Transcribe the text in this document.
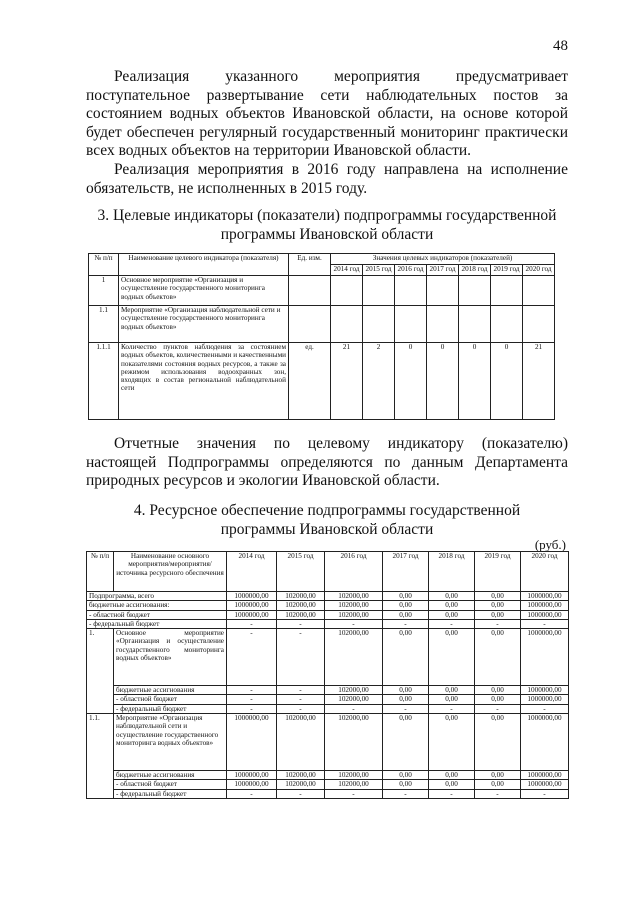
48

Реализация указанного мероприятия предусматривает поступательное развертывание сети наблюдательных постов за состоянием водных объектов Ивановской области, на основе которой будет обеспечен регулярный государственный мониторинг практически всех водных объектов на территории Ивановской области.

Реализация мероприятия в 2016 году направлена на исполнение обязательств, не исполненных в 2015 году.

3. Целевые индикаторы (показатели) подпрограммы государственной
программы Ивановской области
№ п/п	Наименование целевого индикатора (показателя)	Ед. изм.	Значения целевых индикаторов (показателей)						
			2014 год	2015 год	2016 год	2017 год	2018 год	2019 год	2020 год
1	Основное мероприятие «Организация и осуществление государственного мониторинга водных объектов»								
1.1	Мероприятие «Организация наблюдательной сети и осуществление государственного мониторинга водных объектов»								
1.1.1	Количество пунктов наблюдения за состоянием водных объектов, количественными и качественными показателями состояния водных ресурсов, а также за режимом использования водоохранных зон, входящих в состав региональной наблюдательной сети	ед.	21	2	0	0	0	0	21

Отчетные значения по целевому индикатору (показателю) настоящей Подпрограммы определяются по данным Департамента природных ресурсов и экологии Ивановской области.

4. Ресурсное обеспечение подпрограммы государственной
программы Ивановской области
(руб.)
№ п/п	Наименование основного мероприятия/мероприятия/ источника ресурсного обеспечения	2014 год	2015 год	2016 год	2017 год	2018 год	2019 год	2020 год
Подпрограмма, всего		1000000,00	102000,00	102000,00	0,00	0,00	0,00	1000000,00
бюджетные ассигнования:		1000000,00	102000,00	102000,00	0,00	0,00	0,00	1000000,00
- областной бюджет		1000000,00	102000,00	102000,00	0,00	0,00	0,00	1000000,00
- федеральный бюджет		-	-	-	-	-	-	-
1.	Основное мероприятие «Организация и осуществление государственного мониторинга водных объектов»	-	-	102000,00	0,00	0,00	0,00	1000000,00
	бюджетные ассигнования	-	-	102000,00	0,00	0,00	0,00	1000000,00
	- областной бюджет	-	-	102000,00	0,00	0,00	0,00	1000000,00
	- федеральный бюджет	-	-	-	-	-	-	-
1.1.	Мероприятие «Организация наблюдательной сети и осуществление государственного мониторинга водных объектов»	1000000,00	102000,00	102000,00	0,00	0,00	0,00	1000000,00
	бюджетные ассигнования	1000000,00	102000,00	102000,00	0,00	0,00	0,00	1000000,00
	- областной бюджет	1000000,00	102000,00	102000,00	0,00	0,00	0,00	1000000,00
	- федеральный бюджет	-	-	-	-	-	-	-
